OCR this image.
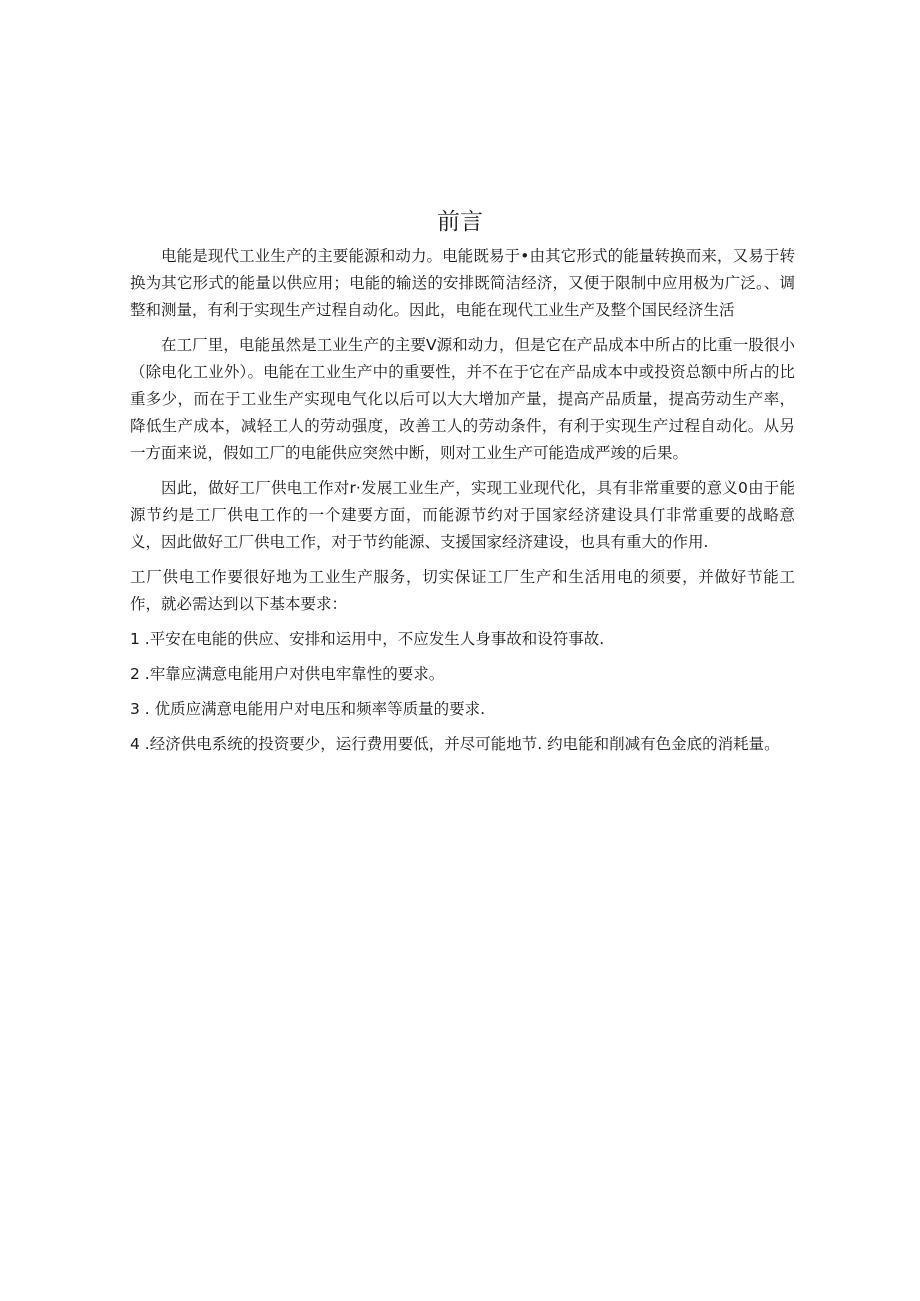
前言

电能是现代工业生产的主要能源和动力。电能既易于•由其它形式的能量转换而来，又易于转换为其它形式的能量以供应用；电能的输送的安排既简洁经济，又便于限制中应用极为广泛。、调整和测量，有利于实现生产过程自动化。因此，电能在现代工业生产及整个国民经济生活

在工厂里，电能虽然是工业生产的主要V源和动力，但是它在产品成本中所占的比重一股很小（除电化工业外）。电能在工业生产中的重要性，并不在于它在产品成本中或投资总额中所占的比重多少，而在于工业生产实现电气化以后可以大大增加产量，提高产品质量，提高劳动生产率，降低生产成本，减轻工人的劳动强度，改善工人的劳动条件，有利于实现生产过程自动化。从另一方面来说，假如工厂的电能供应突然中断，则对工业生产可能造成严竣的后果。

因此，做好工厂供电工作对r·发展工业生产，实现工业现代化，具有非常重要的意义0由于能源节约是工厂供电工作的一个建要方面，而能源节约对于国家经济建设具仃非常重要的战略意义，因此做好工厂供电工作，对于节约能源、支援国家经济建设，也具有重大的作用.

工厂供电工作要很好地为工业生产服务，切实保证工厂生产和生活用电的须要，并做好节能工作，就必需达到以下基本要求：

1 .平安在电能的供应、安排和运用中，不应发生人身事故和设符事故.
2 .牢靠应满意电能用户对供电牢靠性的要求。
3 . 优质应满意电能用户对电压和频率等质量的要求.
4 .经济供电系统的投资要少，运行费用要低，并尽可能地节. 约电能和削减有色金底的消耗量。
